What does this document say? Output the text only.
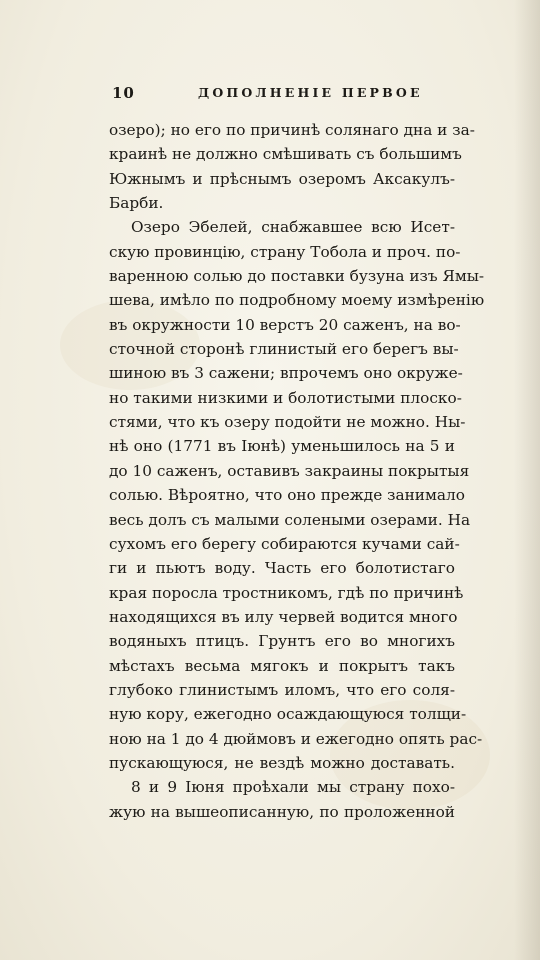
10	ДОПОЛНЕНІЕ ПЕРВОЕ
озеро); но его по причинѣ солянаго дна и за-
краинѣ не должно смѣшивать съ большимъ
Южнымъ и прѣснымъ озеромъ Аксакулъ-
Барби.
Озеро Эбелей, снабжавшее всю Исет-
скую провинцію, страну Тобола и проч. по-
варенною солью до поставки бузуна изъ Ямы-
шева, имѣло по подробному моему измѣренію
въ окружности 10 верстъ 20 саженъ, на во-
сточной сторонѣ глинистый его берегъ вы-
шиною въ 3 сажени; впрочемъ оно окруже-
но такими низкими и болотистыми плоско-
стями, что къ озеру подойти не можно. Ны-
нѣ оно (1771 въ Іюнѣ) уменьшилось на 5 и
до 10 саженъ, оставивъ закраины покрытыя
солью. Вѣроятно, что оно прежде занимало
весь долъ съ малыми солеными озерами. На
сухомъ его берегу собираются кучами сай-
ги и пьютъ воду. Часть его болотистаго
края поросла тростникомъ, гдѣ по причинѣ
находящихся въ илу червей водится много
водяныхъ птицъ. Грунтъ его во многихъ
мѣстахъ весьма мягокъ и покрытъ такъ
глубоко глинистымъ иломъ, что его соля-
ную кору, ежегодно осаждающуюся толщи-
ною на 1 до 4 дюймовъ и ежегодно опять рас-
пускающуюся, не вездѣ можно доставать.
8 и 9 Іюня проѣхали мы страну похо-
жую на вышеописанную, по проложенной
